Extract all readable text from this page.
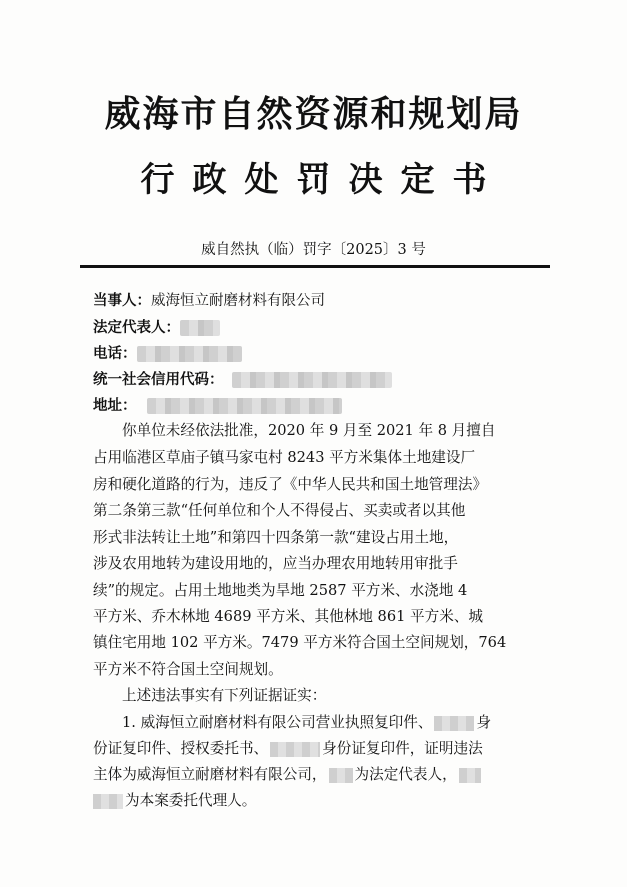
威海市自然资源和规划局
行政处罚决定书
威自然执（临）罚字〔2025〕3 号
当事人：威海恒立耐磨材料有限公司
法定代表人：
电话：
统一社会信用代码：
地址：
你单位未经依法批准，2020 年 9 月至 2021 年 8 月擅自
占用临港区草庙子镇马家屯村 8243 平方米集体土地建设厂
房和硬化道路的行为，违反了《中华人民共和国土地管理法》
第二条第三款“任何单位和个人不得侵占、买卖或者以其他
形式非法转让土地”和第四十四条第一款“建设占用土地，
涉及农用地转为建设用地的，应当办理农用地转用审批手
续”的规定。占用土地地类为旱地 2587 平方米、水浇地 4
平方米、乔木林地 4689 平方米、其他林地 861 平方米、城
镇住宅用地 102 平方米。7479 平方米符合国土空间规划，764
平方米不符合国土空间规划。
上述违法事实有下列证据证实：
1. 威海恒立耐磨材料有限公司营业执照复印件、	身
份证复印件、授权委托书、	身份证复印件，证明违法
主体为威海恒立耐磨材料有限公司， 为法定代表人，
为本案委托代理人。
